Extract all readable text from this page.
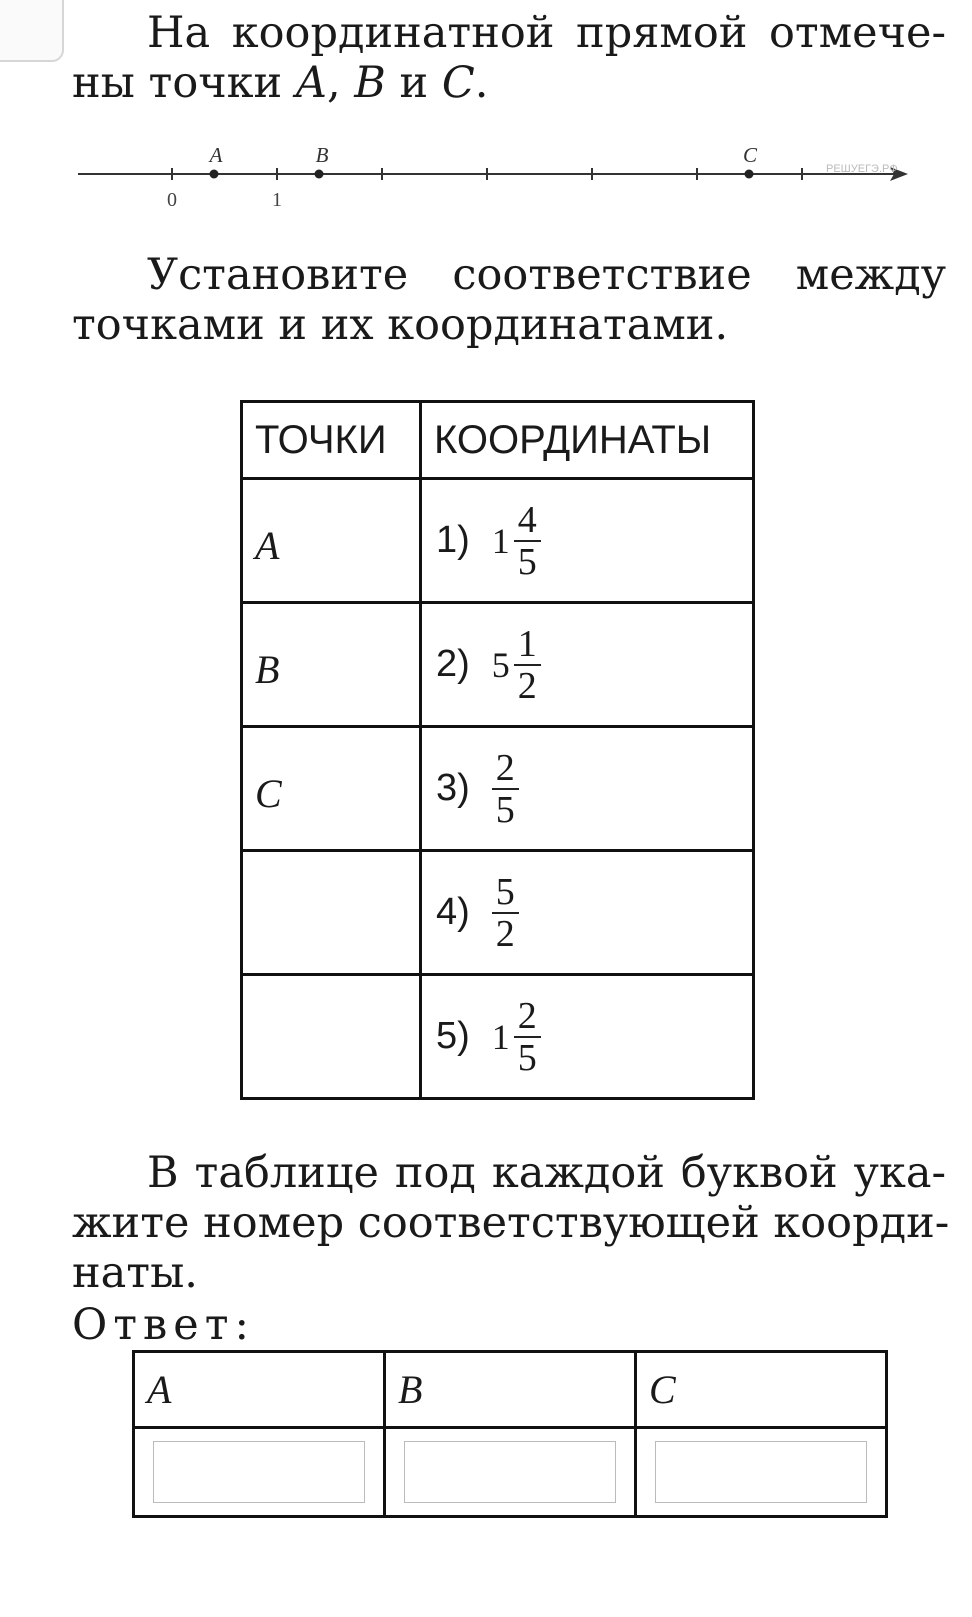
На координатной прямой отмече-
ны точки A, B и C.
0	1
A	B	C
РЕШУЕГЭ.РФ
Установите соответствие между
точками и их координатами.
ТОЧКИ	КООРДИНАТЫ
A	1) $1 \frac{4}{5}$

B	2) $5 \frac{1}{2}$

C	$3) \frac{2}{5}$

	$4) \frac{5}{2}$

	5) $1 \frac{2}{5}$
В таблице под каждой буквой ука-
жите номер соответствующей коорди-
наты.
Ответ:
A	B	C
